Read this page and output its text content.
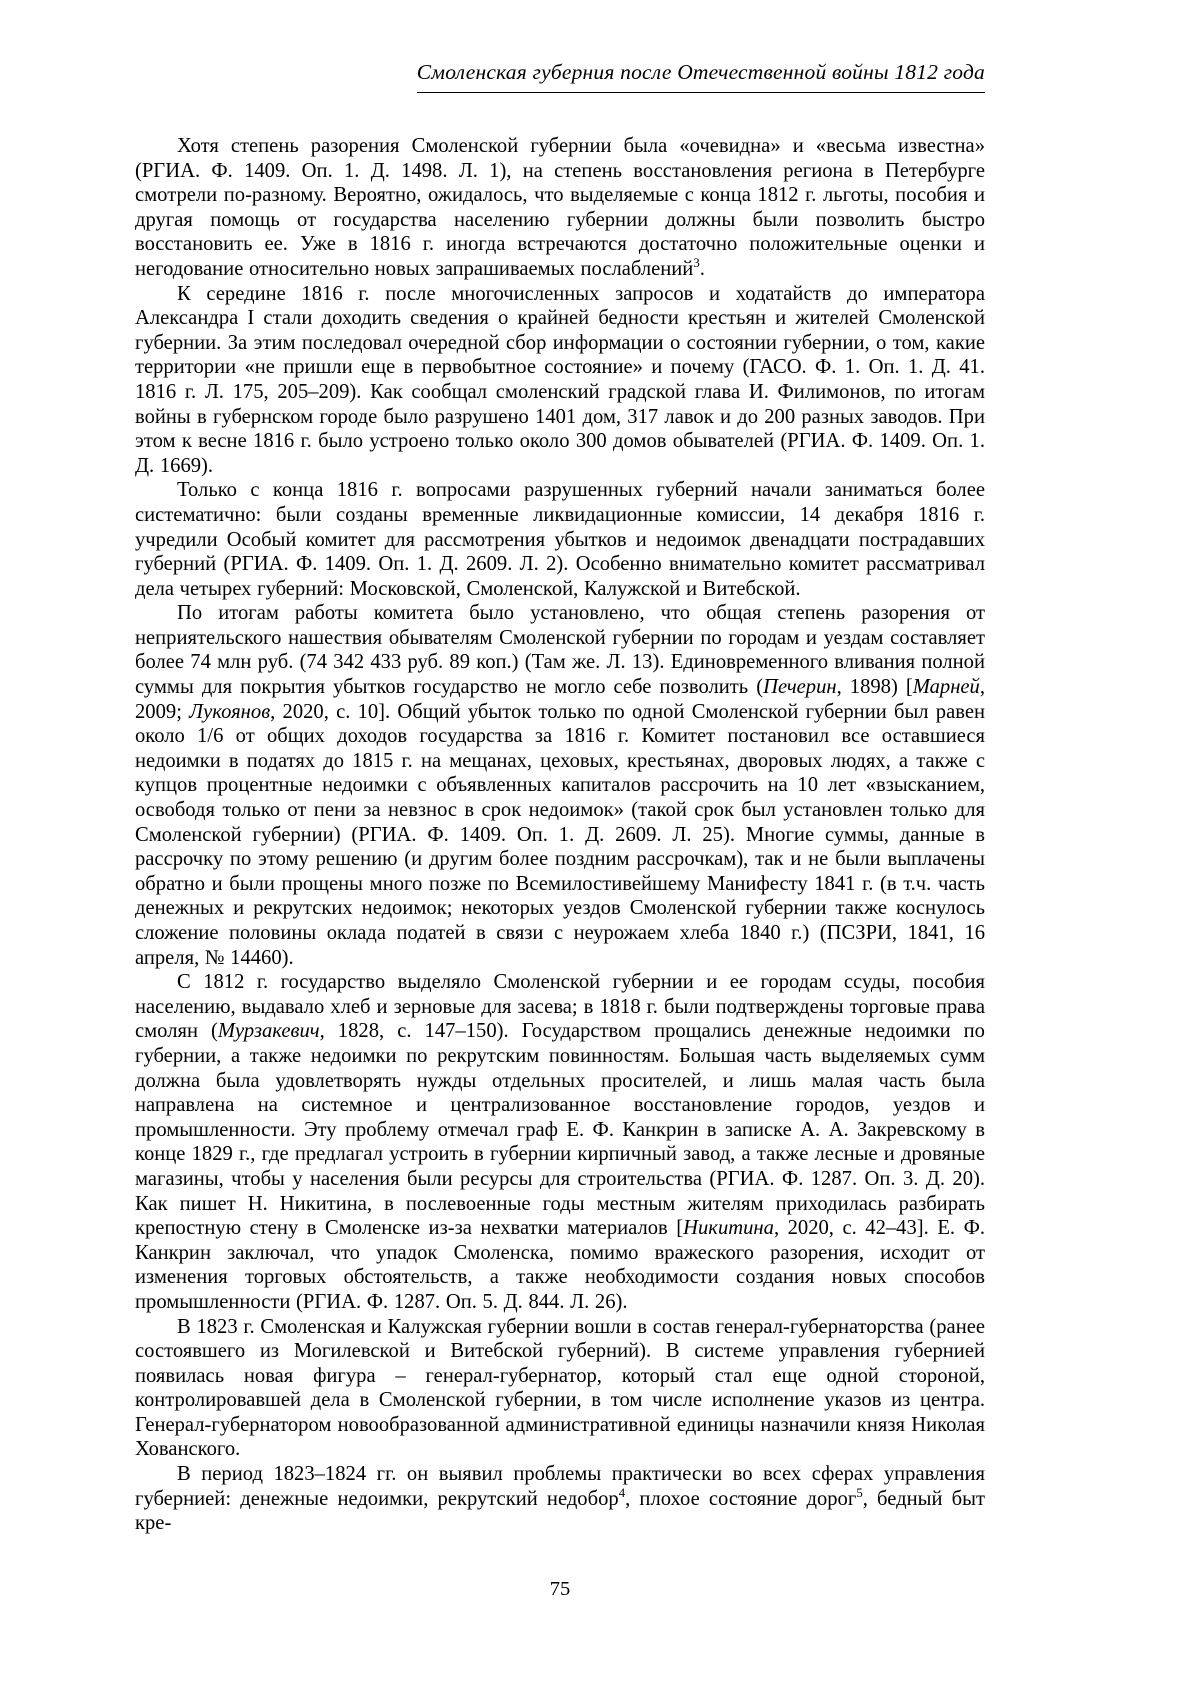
Смоленская губерния после Отечественной войны 1812 года

Хотя степень разорения Смоленской губернии была «очевидна» и «весьма известна» (РГИА. Ф. 1409. Оп. 1. Д. 1498. Л. 1), на степень восстановления региона в Петербурге смотрели по-разному. Вероятно, ожидалось, что выделяемые с конца 1812 г. льготы, пособия и другая помощь от государства населению губернии должны были позволить быстро восстановить ее. Уже в 1816 г. иногда встречаются достаточно положительные оценки и негодование относительно новых запрашиваемых послаблений$^3$.

К середине 1816 г. после многочисленных запросов и ходатайств до императора Александра I стали доходить сведения о крайней бедности крестьян и жителей Смоленской губернии. За этим последовал очередной сбор информации о состоянии губернии, о том, какие территории «не пришли еще в первобытное состояние» и почему (ГАСО. Ф. 1. Оп. 1. Д. 41. 1816 г. Л. 175, 205–209). Как сообщал смоленский градской глава И. Филимонов, по итогам войны в губернском городе было разрушено 1401 дом, 317 лавок и до 200 разных заводов. При этом к весне 1816 г. было устроено только около 300 домов обывателей (РГИА. Ф. 1409. Оп. 1. Д. 1669).

Только с конца 1816 г. вопросами разрушенных губерний начали заниматься более систематично: были созданы временные ликвидационные комиссии, 14 декабря 1816 г. учредили Особый комитет для рассмотрения убытков и недоимок двенадцати пострадавших губерний (РГИА. Ф. 1409. Оп. 1. Д. 2609. Л. 2). Особенно внимательно комитет рассматривал дела четырех губерний: Московской, Смоленской, Калужской и Витебской.

По итогам работы комитета было установлено, что общая степень разорения от неприятельского нашествия обывателям Смоленской губернии по городам и уездам составляет более 74 млн руб. (74 342 433 руб. 89 коп.) (Там же. Л. 13). Единовременного вливания полной суммы для покрытия убытков государство не могло себе позволить (Печерин, 1898) [Марней, 2009; Лукоянов, 2020, с. 10]. Общий убыток только по одной Смоленской губернии был равен около 1/6 от общих доходов государства за 1816 г. Комитет постановил все оставшиеся недоимки в податях до 1815 г. на мещанах, цеховых, крестьянах, дворовых людях, а также с купцов процентные недоимки с объявленных капиталов рассрочить на 10 лет «взысканием, освободя только от пени за невзнос в срок недоимок» (такой срок был установлен только для Смоленской губернии) (РГИА. Ф. 1409. Оп. 1. Д. 2609. Л. 25). Многие суммы, данные в рассрочку по этому решению (и другим более поздним рассрочкам), так и не были выплачены обратно и были прощены много позже по Всемилостивейшему Манифесту 1841 г. (в т.ч. часть денежных и рекрутских недоимок; некоторых уездов Смоленской губернии также коснулось сложение половины оклада податей в связи с неурожаем хлеба 1840 г.) (ПСЗРИ, 1841, 16 апреля, № 14460).

С 1812 г. государство выделяло Смоленской губернии и ее городам ссуды, пособия населению, выдавало хлеб и зерновые для засева; в 1818 г. были подтверждены торговые права смолян (Мурзакевич, 1828, с. 147–150). Государством прощались денежные недоимки по губернии, а также недоимки по рекрутским повинностям. Большая часть выделяемых сумм должна была удовлетворять нужды отдельных просителей, и лишь малая часть была направлена на системное и централизованное восстановление городов, уездов и промышленности. Эту проблему отмечал граф Е. Ф. Канкрин в записке А. А. Закревскому в конце 1829 г., где предлагал устроить в губернии кирпичный завод, а также лесные и дровяные магазины, чтобы у населения были ресурсы для строительства (РГИА. Ф. 1287. Оп. 3. Д. 20). Как пишет Н. Никитина, в послевоенные годы местным жителям приходилась разбирать крепостную стену в Смоленске из-за нехватки материалов [Никитина, 2020, с. 42–43]. Е. Ф. Канкрин заключал, что упадок Смоленска, помимо вражеского разорения, исходит от изменения торговых обстоятельств, а также необходимости создания новых способов промышленности (РГИА. Ф. 1287. Оп. 5. Д. 844. Л. 26).

В 1823 г. Смоленская и Калужская губернии вошли в состав генерал-губернаторства (ранее состоявшего из Могилевской и Витебской губерний). В системе управления губернией появилась новая фигура – генерал-губернатор, который стал еще одной стороной, контролировавшей дела в Смоленской губернии, в том числе исполнение указов из центра. Генерал-губернатором новообразованной административной единицы назначили князя Николая Хованского.

В период 1823–1824 гг. он выявил проблемы практически во всех сферах управления губернией: денежные недоимки, рекрутский недобор$^4$, плохое состояние дорог$^5$, бедный быт кре-

75
